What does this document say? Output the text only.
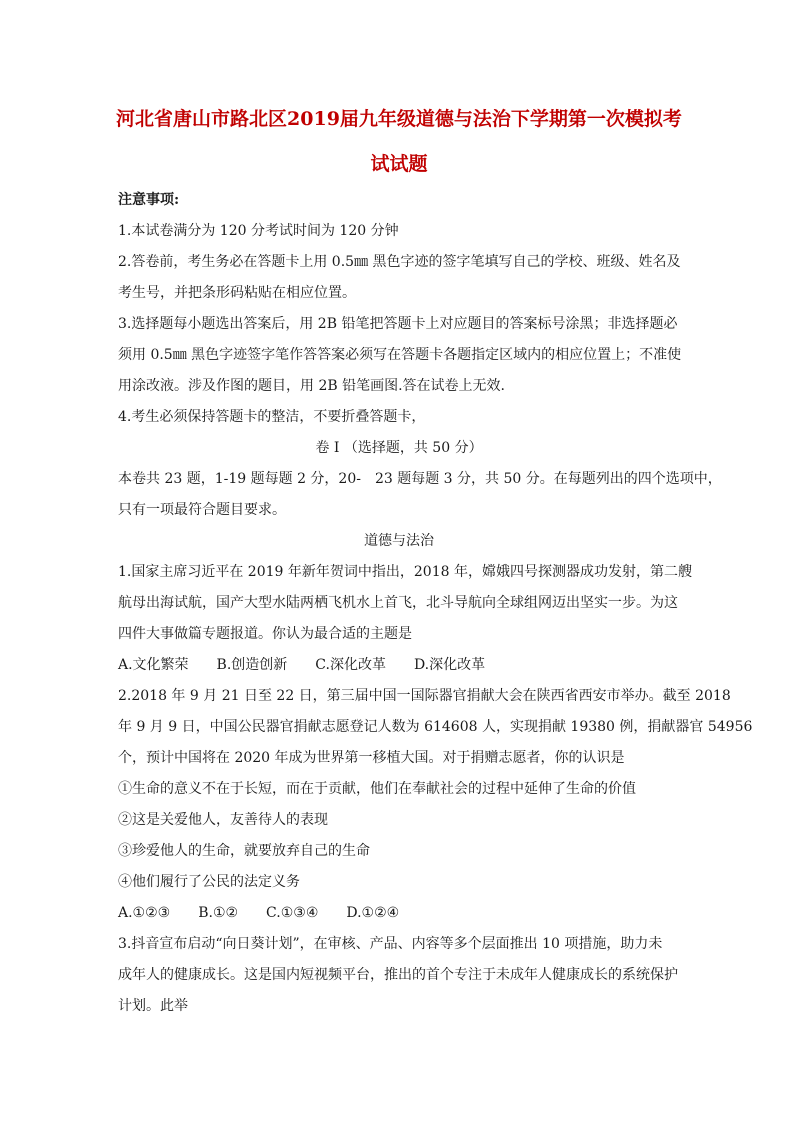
河北省唐山市路北区2019届九年级道德与法治下学期第一次模拟考
试试题
注意事项:
1.本试卷满分为 120 分考试时间为 120 分钟
2.答卷前，考生务必在答题卡上用 0.5㎜ 黑色字迹的签字笔填写自己的学校、班级、姓名及
考生号，并把条形码粘贴在相应位置。
3.选择题每小题选出答案后，用 2B 铅笔把答题卡上对应题目的答案标号涂黑；非选择题必
须用 0.5㎜ 黑色字迹签字笔作答答案必须写在答题卡各题指定区域内的相应位置上；不准使
用涂改液。涉及作图的题目，用 2B 铅笔画图.答在试卷上无效.
4.考生必须保持答题卡的整洁，不要折叠答题卡，
卷 I （选择题，共 50 分）
本卷共 23 题，1-19 题每题 2 分，20-　23 题每题 3 分，共 50 分。在每题列出的四个选项中，
只有一项最符合题目要求。
道德与法治
1.国家主席习近平在 2019 年新年贺词中指出，2018 年，嫦娥四号探测器成功发射，第二艘
航母出海试航，国产大型水陆两栖飞机水上首飞，北斗导航向全球组网迈出坚实一步。为这
四件大事做篇专题报道。你认为最合适的主题是
A.文化繁荣　　B.创造创新　　C.深化改革　　D.深化改革
2.2018 年 9 月 21 日至 22 日，第三届中国一国际器官捐献大会在陕西省西安市举办。截至 2018
年 9 月 9 日，中国公民器官捐献志愿登记人数为 614608 人，实现捐献 19380 例，捐献器官 54956
个，预计中国将在 2020 年成为世界第一移植大国。对于捐赠志愿者，你的认识是
①生命的意义不在于长短，而在于贡献，他们在奉献社会的过程中延伸了生命的价值
②这是关爱他人，友善待人的表现
③珍爱他人的生命，就要放弃自己的生命
④他们履行了公民的法定义务
A.①②③　　B.①②　　C.①③④　　D.①②④
3.抖音宣布启动“向日葵计划”，在审核、产品、内容等多个层面推出 10 项措施，助力未
成年人的健康成长。这是国内短视频平台，推出的首个专注于未成年人健康成长的系统保护
计划。此举
